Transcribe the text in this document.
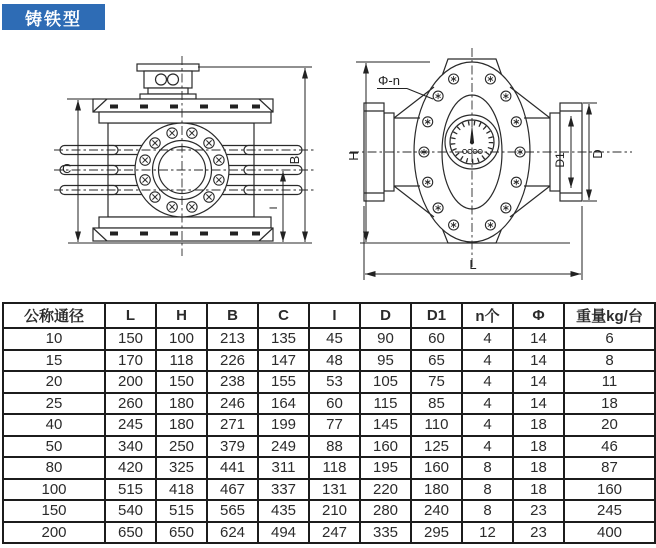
铸铁型
C
B
I
Φ-n
H	D1 D
L
公称通径	L	H	B	C	I	D	D1	n个	Φ	重量kg/台
10	150	100	213	135	45	90	60	4	14	6
15	170	118	226	147	48	95	65	4	14	8
20	200	150	238	155	53	105	75	4	14	11
25	260	180	246	164	60	115	85	4	14	18
40	245	180	271	199	77	145	110	4	18	20
50	340	250	379	249	88	160	125	4	18	46
80	420	325	441	311	118	195	160	8	18	87
100	515	418	467	337	131	220	180	8	18	160
150	540	515	565	435	210	280	240	8	23	245
200	650	650	624	494	247	335	295	12	23	400
